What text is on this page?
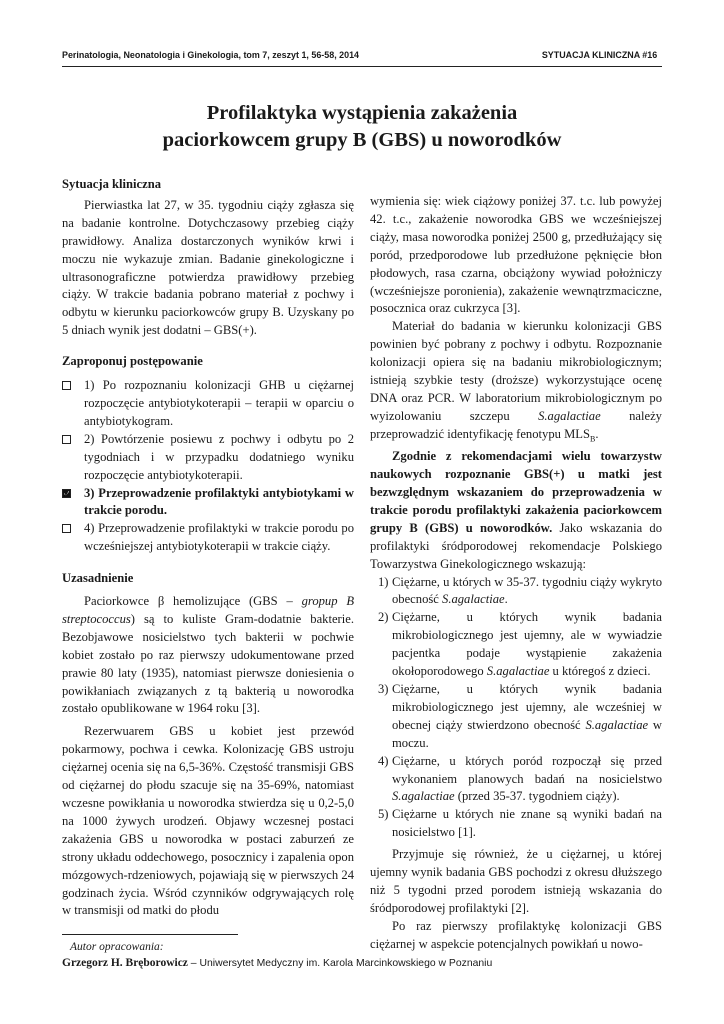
Perinatologia, Neonatologia i Ginekologia, tom 7, zeszyt 1, 56-58, 2014	SYTUACJA KLINICZNA #16
Profilaktyka wystąpienia zakażenia
paciorkowcem grupy B (GBS) u noworodków
Sytuacja kliniczna

Pierwiastka lat 27, w 35. tygodniu ciąży zgłasza się na badanie kontrolne. Dotychczasowy przebieg ciąży prawidłowy. Analiza dostarczonych wyników krwi i moczu nie wykazuje zmian. Badanie ginekologiczne i ultrasonograficzne potwierdza prawidłowy przebieg ciąży. W trakcie badania pobrano materiał z pochwy i odbytu w kierunku paciorkowców grupy B. Uzyskany po 5 dniach wynik jest dodatni – GBS(+).

Zaproponuj postępowanie

1) Po rozpoznaniu kolonizacji GHB u ciężarnej rozpoczęcie antybiotykoterapii – terapii w oparciu o antybiotykogram.

2) Powtórzenie posiewu z pochwy i odbytu po 2 tygodniach i w przypadku dodatniego wyniku rozpoczęcie antybiotykoterapii.

3) Przeprowadzenie profilaktyki antybiotykami w trakcie porodu.

4) Przeprowadzenie profilaktyki w trakcie porodu po wcześniejszej antybiotykoterapii w trakcie ciąży.

Uzasadnienie

Paciorkowce β hemolizujące (GBS – gropup B streptococcus) są to kuliste Gram-dodatnie bakterie. Bezobjawowe nosicielstwo tych bakterii w pochwie kobiet zostało po raz pierwszy udokumentowane przed prawie 80 laty (1935), natomiast pierwsze doniesienia o powikłaniach związanych z tą bakterią u noworodka zostało opublikowane w 1964 roku [3].

Rezerwuarem GBS u kobiet jest przewód pokarmowy, pochwa i cewka. Kolonizację GBS ustroju ciężarnej ocenia się na 6,5-36%. Częstość transmisji GBS od ciężarnej do płodu szacuje się na 35-69%, natomiast wczesne powikłania u noworodka stwierdza się u 0,2-5,0 na 1000 żywych urodzeń. Objawy wczesnej postaci zakażenia GBS u noworodka w postaci zaburzeń ze strony układu oddechowego, posocznicy i zapalenia opon mózgowych-rdzeniowych, pojawiają się w pierwszych 24 godzinach życia. Wśród czynników odgrywających rolę w transmisji od matki do płodu

wymienia się: wiek ciążowy poniżej 37. t.c. lub powyżej 42. t.c., zakażenie noworodka GBS we wcześniejszej ciąży, masa noworodka poniżej 2500 g, przedłużający się poród, przedporodowe lub przedłużone pęknięcie błon płodowych, rasa czarna, obciążony wywiad położniczy (wcześniejsze poronienia), zakażenie wewnątrzmaciczne, posocznica oraz cukrzyca [3].

Materiał do badania w kierunku kolonizacji GBS powinien być pobrany z pochwy i odbytu. Rozpoznanie kolonizacji opiera się na badaniu mikrobiologicznym; istnieją szybkie testy (droższe) wykorzystujące ocenę DNA oraz PCR. W laboratorium mikrobiologicznym po wyizolowaniu szczepu S.agalactiae należy przeprowadzić identyfikację fenotypu $MLS_B$.

Zgodnie z rekomendacjami wielu towarzystw naukowych rozpoznanie GBS(+) u matki jest bezwzględnym wskazaniem do przeprowadzenia w trakcie porodu profilaktyki zakażenia paciorkowcem grupy B (GBS) u noworodków. Jako wskazania do profilaktyki śródporodowej rekomendacje Polskiego Towarzystwa Ginekologicznego wskazują:

1) Ciężarne, u których w 35-37. tygodniu ciąży wykryto obecność S.agalactiae.

2) Ciężarne, u których wynik badania mikrobiologicznego jest ujemny, ale w wywiadzie pacjentka podaje wystąpienie zakażenia okołoporodowego S.agalactiae u któregoś z dzieci.

3) Ciężarne, u których wynik badania mikrobiologicznego jest ujemny, ale wcześniej w obecnej ciąży stwierdzono obecność S.agalactiae w moczu.

4) Ciężarne, u których poród rozpoczął się przed wykonaniem planowych badań na nosicielstwo S.agalactiae (przed 35-37. tygodniem ciąży).

5) Ciężarne u których nie znane są wyniki badań na nosicielstwo [1].

Przyjmuje się również, że u ciężarnej, u której ujemny wynik badania GBS pochodzi z okresu dłuższego niż 5 tygodni przed porodem istnieją wskazania do śródporodowej profilaktyki [2].

Po raz pierwszy profilaktykę kolonizacji GBS ciężarnej w aspekcie potencjalnych powikłań u nowo-

Autor opracowania:
Grzegorz H. Bręborowicz – Uniwersytet Medyczny im. Karola Marcinkowskiego w Poznaniu
